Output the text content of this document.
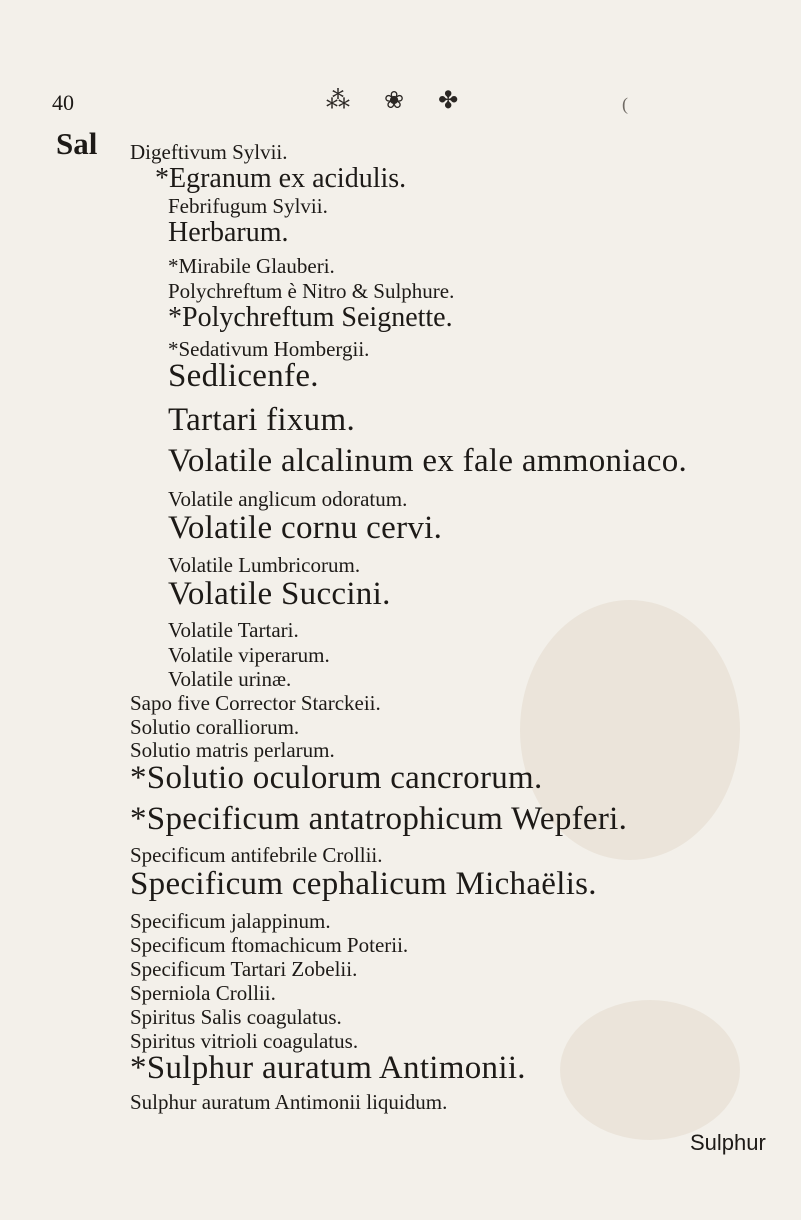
40	⁂ ❀ ✤	(
Sal Digeftivum Sylvii.
*Egranum ex acidulis.
Febrifugum Sylvii.
Herbarum.
*Mirabile Glauberi.
Polychreftum è Nitro & Sulphure.
*Polychreftum Seignette.
*Sedativum Hombergii.
Sedlicenfe.
Tartari fixum.
Volatile alcalinum ex fale ammoniaco.
Volatile anglicum odoratum.
Volatile cornu cervi.
Volatile Lumbricorum.
Volatile Succini.
Volatile Tartari.
Volatile viperarum.
Volatile urinæ.
Sapo five Corrector Starckeii.
Solutio coralliorum.
Solutio matris perlarum.
*Solutio oculorum cancrorum.
*Specificum antatrophicum Wepferi.
Specificum antifebrile Crollii.
Specificum cephalicum Michaëlis.
Specificum jalappinum.
Specificum ftomachicum Poterii.
Specificum Tartari Zobelii.
Sperniola Crollii.
Spiritus Salis coagulatus.
Spiritus vitrioli coagulatus.
*Sulphur auratum Antimonii.
Sulphur auratum Antimonii liquidum.
Sulphur
